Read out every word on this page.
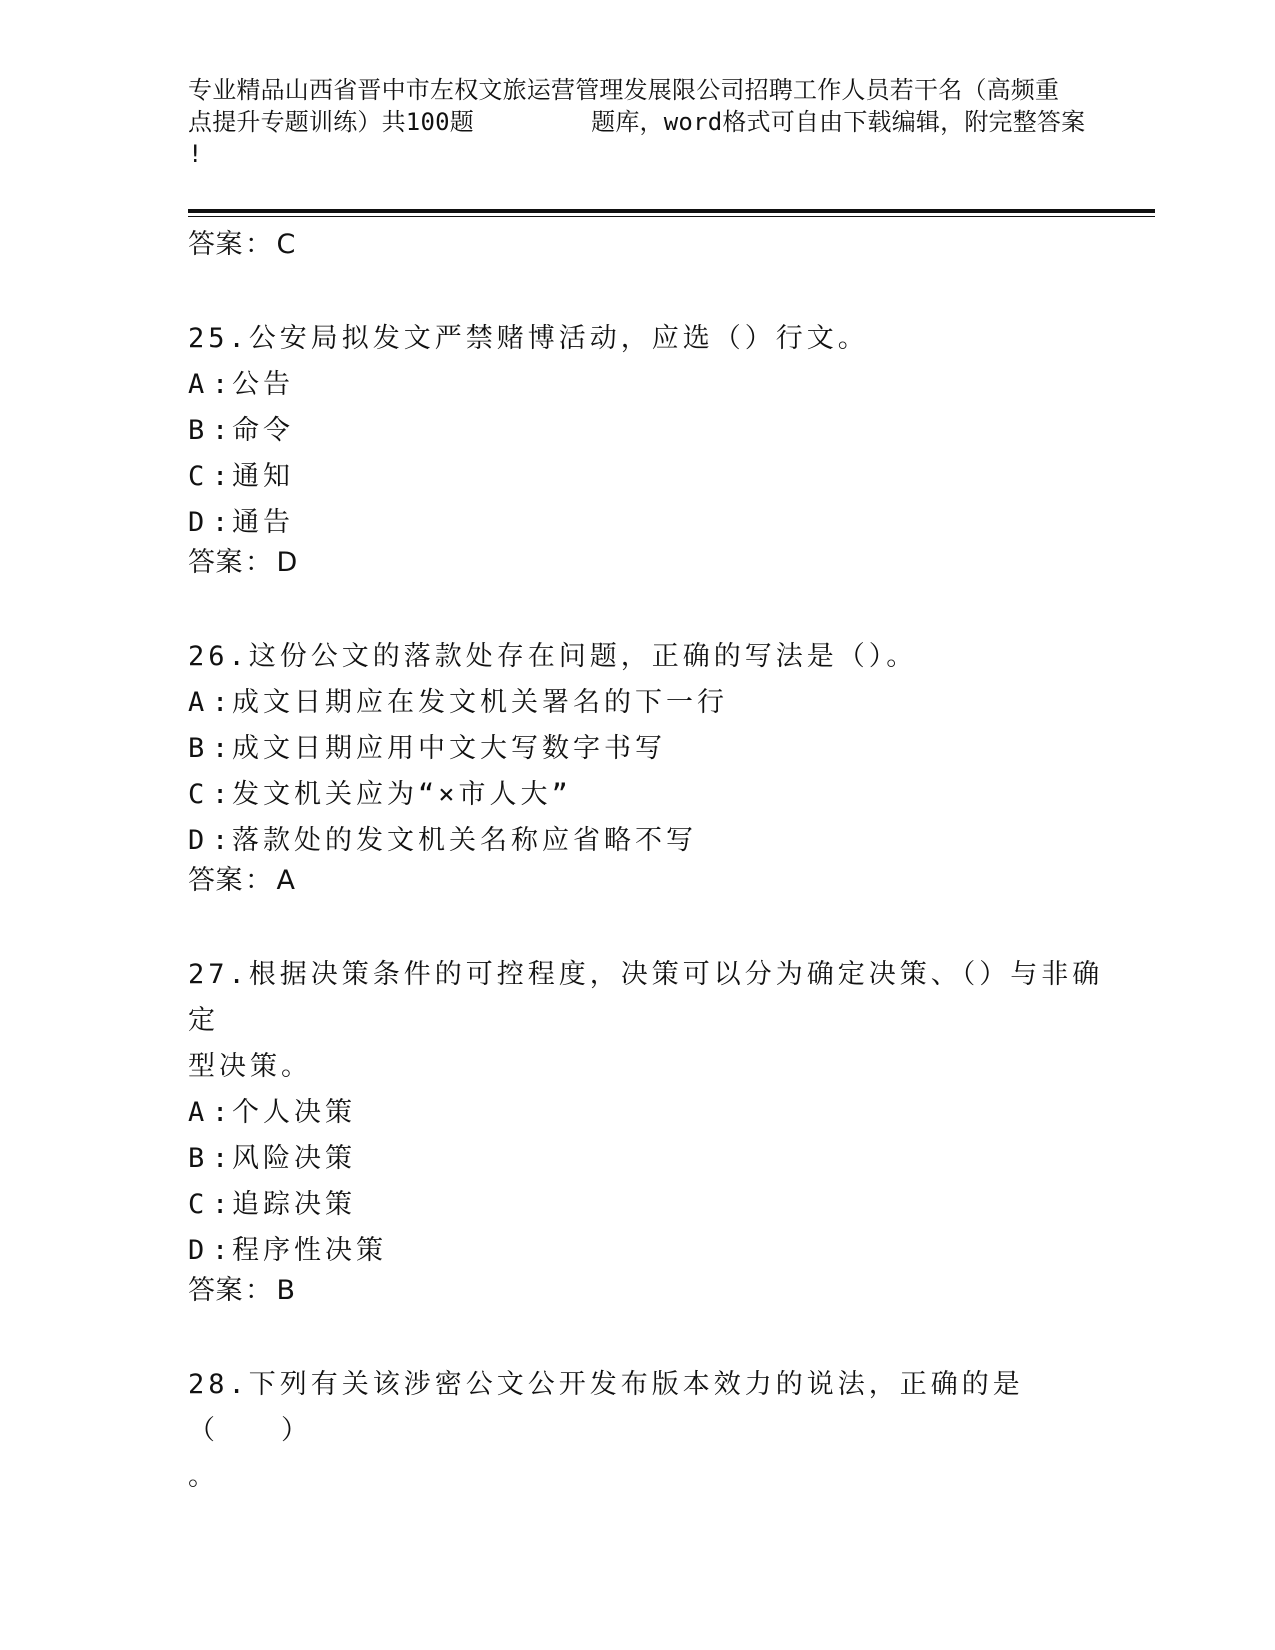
专业精品山西省晋中市左权文旅运营管理发展限公司招聘工作人员若干名（高频重
点提升专题训练）共100题        题库，word格式可自由下载编辑，附完整答案
!

答案 ： C

25.公安局拟发文严禁赌博活动，应选（）行文。

A : 公告

B : 命令

C : 通知

D : 通告

答案 ： D

26.这份公文的落款处存在问题，正确的写法是（）。

A : 成文日期应在发文机关署名的下一行

B : 成文日期应用中文大写数字书写

C : 发文机关应为“×市人大”

D : 落款处的发文机关名称应省略不写

答案 ： A

27.根据决策条件的可控程度，决策可以分为确定决策、（）与非确定

型决策。

A : 个人决策

B : 风险决策

C : 追踪决策

D : 程序性决策

答案 ： B

28.下列有关该涉密公文公开发布版本效力的说法，正确的是（　　）

。
